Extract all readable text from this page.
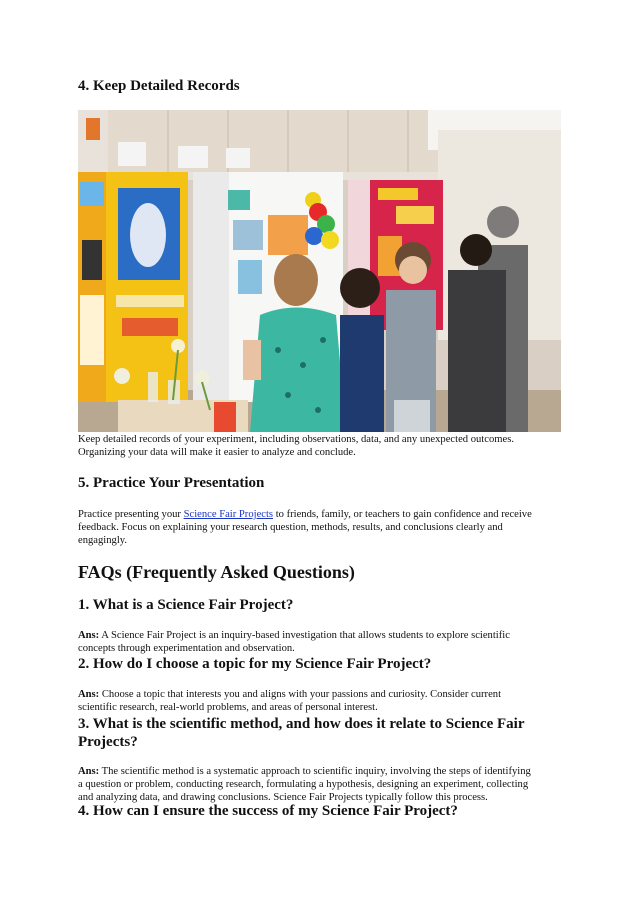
4. Keep Detailed Records

Keep detailed records of your experiment, including observations, data, and any unexpected outcomes.
Organizing your data will make it easier to analyze and conclude.

5. Practice Your Presentation

Practice presenting your Science Fair Projects to friends, family, or teachers to gain confidence and receive
feedback. Focus on explaining your research question, methods, results, and conclusions clearly and
engagingly.

FAQs (Frequently Asked Questions)
1. What is a Science Fair Project?

Ans: A Science Fair Project is an inquiry-based investigation that allows students to explore scientific
concepts through experimentation and observation.

2. How do I choose a topic for my Science Fair Project?

Ans: Choose a topic that interests you and aligns with your passions and curiosity. Consider current
scientific research, real-world problems, and areas of personal interest.

3. What is the scientific method, and how does it relate to Science Fair
Projects?

Ans: The scientific method is a systematic approach to scientific inquiry, involving the steps of identifying
a question or problem, conducting research, formulating a hypothesis, designing an experiment, collecting
and analyzing data, and drawing conclusions. Science Fair Projects typically follow this process.

4. How can I ensure the success of my Science Fair Project?
